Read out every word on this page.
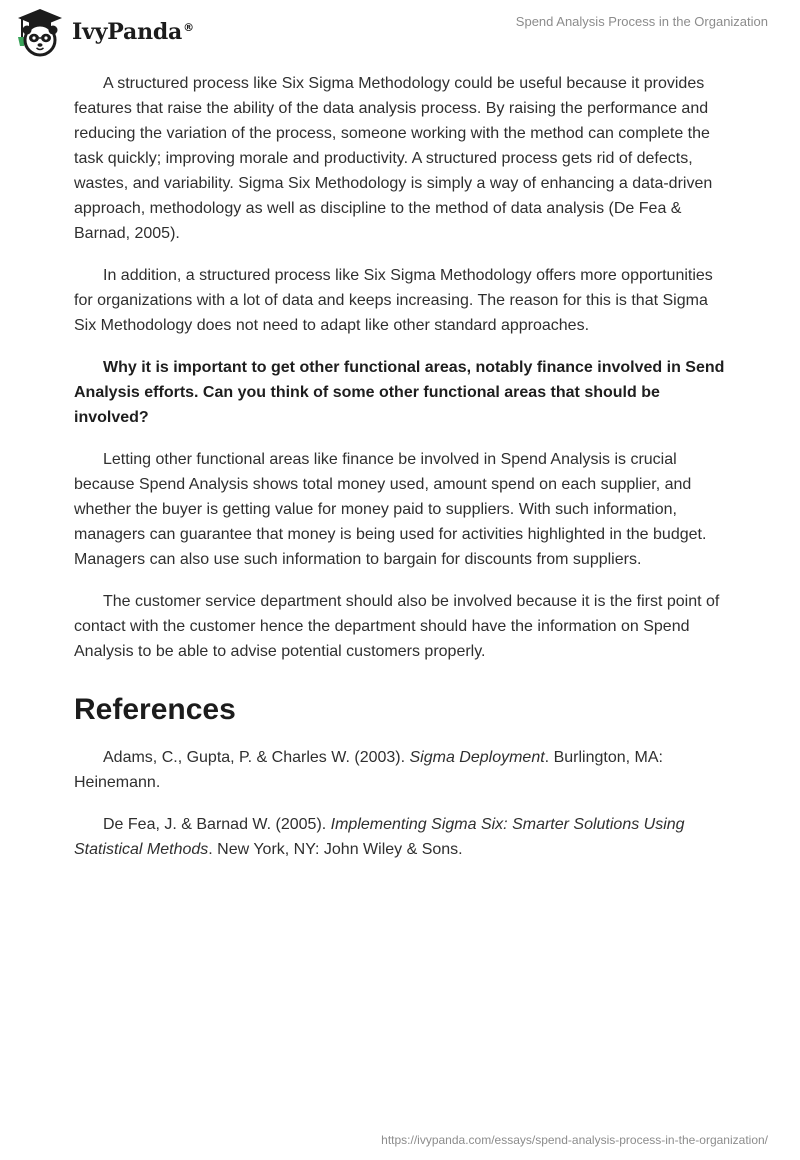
IvyPanda®	Spend Analysis Process in the Organization

A structured process like Six Sigma Methodology could be useful because it provides features that raise the ability of the data analysis process. By raising the performance and reducing the variation of the process, someone working with the method can complete the task quickly; improving morale and productivity. A structured process gets rid of defects, wastes, and variability. Sigma Six Methodology is simply a way of enhancing a data-driven approach, methodology as well as discipline to the method of data analysis (De Fea & Barnad, 2005).

In addition, a structured process like Six Sigma Methodology offers more opportunities for organizations with a lot of data and keeps increasing. The reason for this is that Sigma Six Methodology does not need to adapt like other standard approaches.

Why it is important to get other functional areas, notably finance involved in Send Analysis efforts. Can you think of some other functional areas that should be involved?

Letting other functional areas like finance be involved in Spend Analysis is crucial because Spend Analysis shows total money used, amount spend on each supplier, and whether the buyer is getting value for money paid to suppliers. With such information, managers can guarantee that money is being used for activities highlighted in the budget. Managers can also use such information to bargain for discounts from suppliers.

The customer service department should also be involved because it is the first point of contact with the customer hence the department should have the information on Spend Analysis to be able to advise potential customers properly.

References

Adams, C., Gupta, P. & Charles W. (2003). Sigma Deployment. Burlington, MA: Heinemann.

De Fea, J. & Barnad W. (2005). Implementing Sigma Six: Smarter Solutions Using Statistical Methods. New York, NY: John Wiley & Sons.

https://ivypanda.com/essays/spend-analysis-process-in-the-organization/
